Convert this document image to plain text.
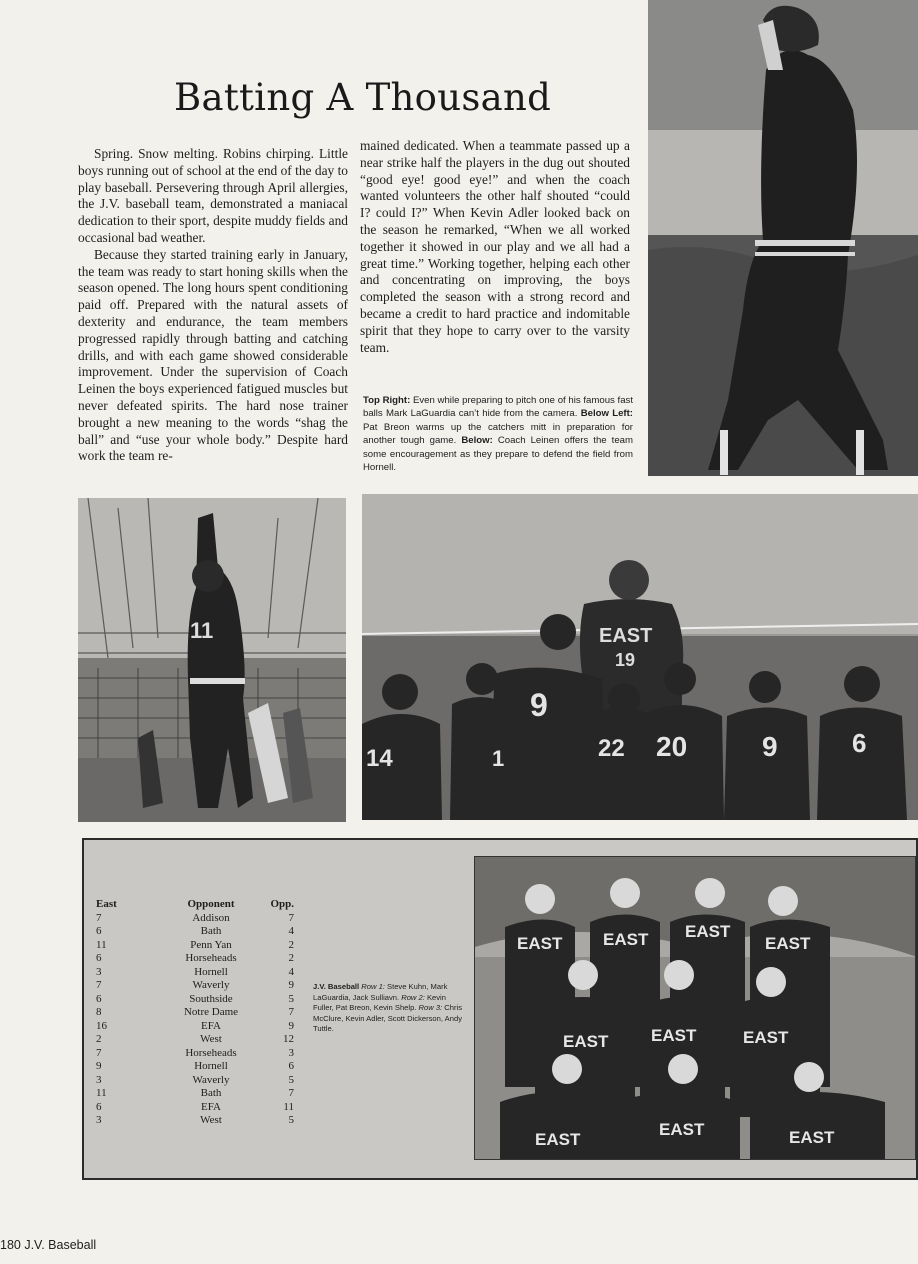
Batting A Thousand

Spring. Snow melting. Robins chirping. Little boys running out of school at the end of the day to play baseball. Persevering through April allergies, the J.V. baseball team, demonstrated a maniacal dedication to their sport, despite muddy fields and occasional bad weather.

Because they started training early in January, the team was ready to start honing skills when the season opened. The long hours spent conditioning paid off. Prepared with the natural assets of dexterity and endurance, the team members progressed rapidly through batting and catching drills, and with each game showed considerable improvement. Under the supervision of Coach Leinen the boys experienced fatigued muscles but never defeated spirits. The hard nose trainer brought a new meaning to the words “shag the ball” and “use your whole body.” Despite hard work the team re-

mained dedicated. When a teammate passed up a near strike half the players in the dug out shouted “good eye! good eye!” and when the coach wanted volunteers the other half shouted “could I? could I?” When Kevin Adler looked back on the season he remarked, “When we all worked together it showed in our play and we all had a great time.” Working together, helping each other and concentrating on improving, the boys completed the season with a strong record and became a credit to hard practice and indomitable spirit that they hope to carry over to the varsity team.

Top Right: Even while preparing to pitch one of his famous fast balls Mark LaGuardia can’t hide from the camera. Below Left: Pat Breon warms up the catchers mitt in preparation for another tough game. Below: Coach Leinen offers the team some encouragement as they prepare to defend the field from Hornell.
11	EAST
19
14	1
9
22 20	9	6
East	Opponent	Opp.
7	Addison	7
6	Bath	4
11	Penn Yan	2
6	Horseheads	2
3	Hornell	4
7	Waverly	9
6	Southside	5
8	Notre Dame	7
16	EFA	9
2	West	12
7	Horseheads	3
9	Hornell	6
3	Waverly	5
11	Bath	7
6	EFA	11
3	West	5
J.V. Baseball Row 1: Steve Kuhn, Mark LaGuardia, Jack Sulliavn. Row 2: Kevin Fuller, Pat Breon, Kevin Shelp. Row 3: Chris McClure, Kevin Adler, Scott Dickerson, Andy Tuttle.
EAST EAST EAST
EAST
EAST	EAST	EAST
EAST
EAST	EAST
180 J.V. Baseball
